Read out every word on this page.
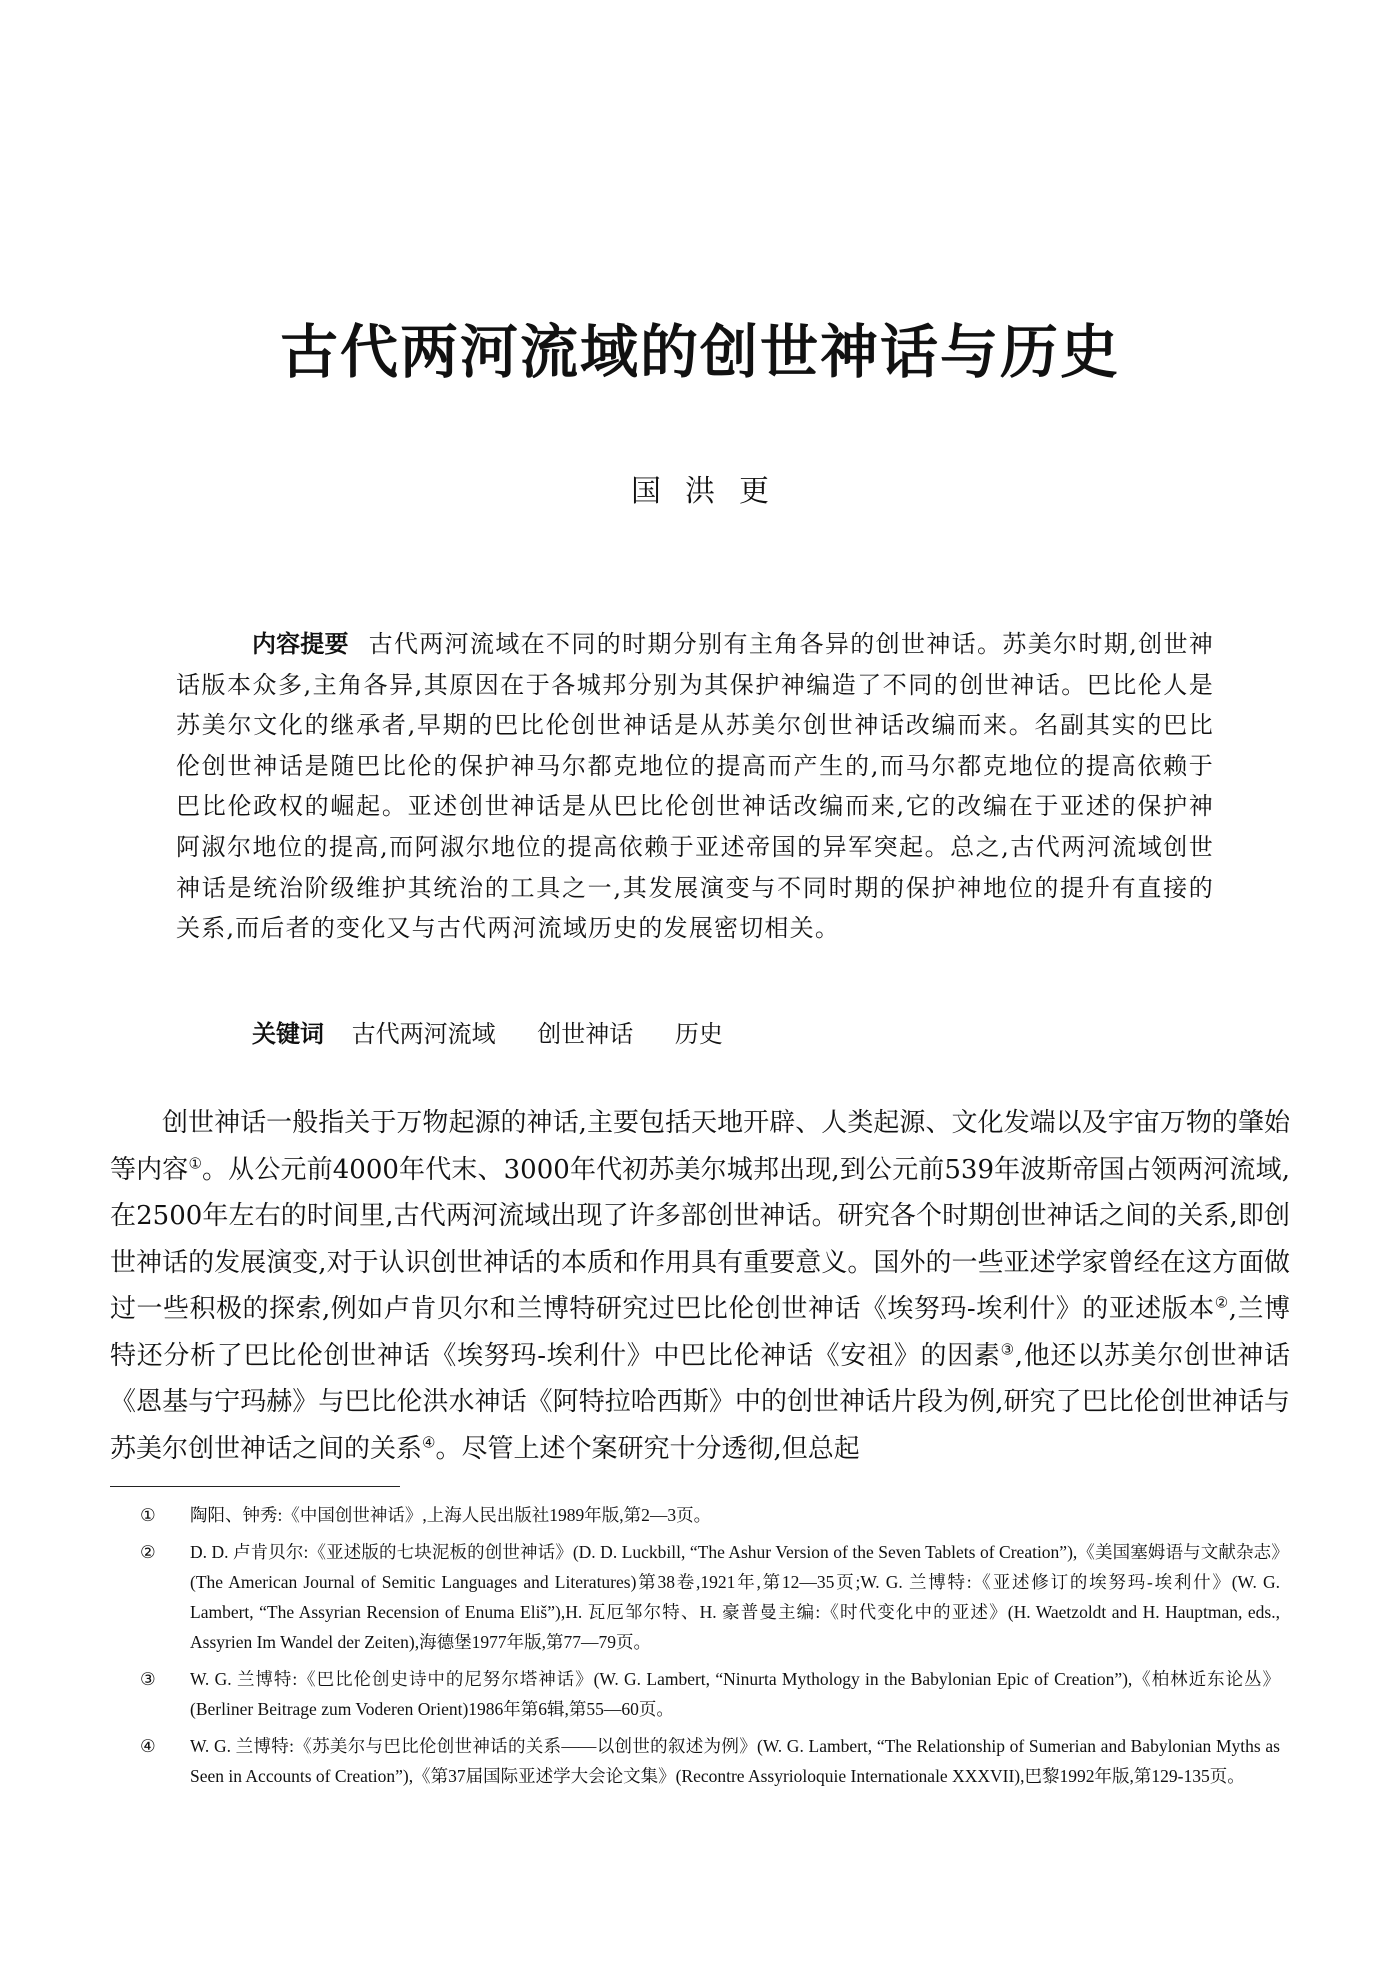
古代两河流域的创世神话与历史
国洪更
内容提要 古代两河流域在不同的时期分别有主角各异的创世神话。苏美尔时期,创世神话版本众多,主角各异,其原因在于各城邦分别为其保护神编造了不同的创世神话。巴比伦人是苏美尔文化的继承者,早期的巴比伦创世神话是从苏美尔创世神话改编而来。名副其实的巴比伦创世神话是随巴比伦的保护神马尔都克地位的提高而产生的,而马尔都克地位的提高依赖于巴比伦政权的崛起。亚述创世神话是从巴比伦创世神话改编而来,它的改编在于亚述的保护神阿淑尔地位的提高,而阿淑尔地位的提高依赖于亚述帝国的异军突起。总之,古代两河流域创世神话是统治阶级维护其统治的工具之一,其发展演变与不同时期的保护神地位的提升有直接的关系,而后者的变化又与古代两河流域历史的发展密切相关。
关键词 古代两河流域 创世神话 历史
创世神话一般指关于万物起源的神话,主要包括天地开辟、人类起源、文化发端以及宇宙万物的肇始等内容①。从公元前4000年代末、3000年代初苏美尔城邦出现,到公元前539年波斯帝国占领两河流域,在2500年左右的时间里,古代两河流域出现了许多部创世神话。研究各个时期创世神话之间的关系,即创世神话的发展演变,对于认识创世神话的本质和作用具有重要意义。国外的一些亚述学家曾经在这方面做过一些积极的探索,例如卢肯贝尔和兰博特研究过巴比伦创世神话《埃努玛-埃利什》的亚述版本②,兰博特还分析了巴比伦创世神话《埃努玛-埃利什》中巴比伦神话《安祖》的因素③,他还以苏美尔创世神话《恩基与宁玛赫》与巴比伦洪水神话《阿特拉哈西斯》中的创世神话片段为例,研究了巴比伦创世神话与苏美尔创世神话之间的关系④。尽管上述个案研究十分透彻,但总起
①	陶阳、钟秀:《中国创世神话》,上海人民出版社1989年版,第2—3页。
②	D. D. 卢肯贝尔:《亚述版的七块泥板的创世神话》(D. D. Luckbill, “The Ashur Version of the Seven Tablets of Creation”),《美国塞姆语与文献杂志》(The American Journal of Semitic Languages and Literatures)第38卷,1921年,第12—35页;W. G. 兰博特:《亚述修订的埃努玛-埃利什》(W. G. Lambert, “The Assyrian Recension of Enuma Eliš”),H. 瓦厄邹尔特、H. 豪普曼主编:《时代变化中的亚述》(H. Waetzoldt and H. Hauptman, eds., Assyrien Im Wandel der Zeiten),海德堡1977年版,第77—79页。
③	W. G. 兰博特:《巴比伦创史诗中的尼努尔塔神话》(W. G. Lambert, “Ninurta Mythology in the Babylonian Epic of Creation”),《柏林近东论丛》(Berliner Beitrage zum Voderen Orient)1986年第6辑,第55—60页。
④	W. G. 兰博特:《苏美尔与巴比伦创世神话的关系——以创世的叙述为例》(W. G. Lambert, “The Relationship of Sumerian and Babylonian Myths as Seen in Accounts of Creation”),《第37届国际亚述学大会论文集》(Recontre Assyrioloquie Internationale XXXVII),巴黎1992年版,第129-135页。
